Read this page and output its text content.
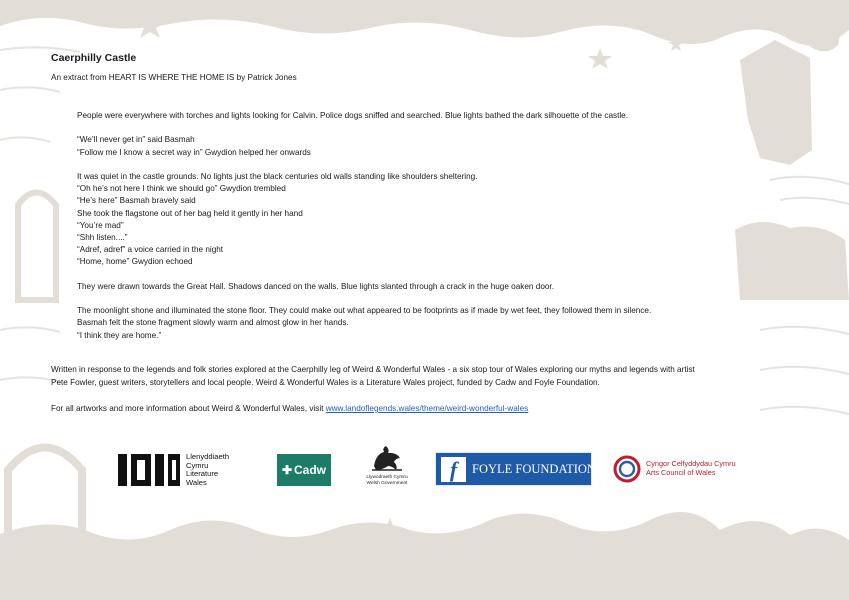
Caerphilly Castle

An extract from HEART IS WHERE THE HOME IS by Patrick Jones

People were everywhere with torches and lights looking for Calvin. Police dogs sniffed and searched. Blue lights bathed the dark silhouette of the castle.

“We’ll never get in” said Basmah
“Follow me I know a secret way in” Gwydion helped her onwards

It was quiet in the castle grounds. No lights just the black centuries old walls standing like shoulders sheltering.
“Oh he’s not here I think we should go” Gwydion trembled
“He’s here” Basmah bravely said
She took the flagstone out of her bag held it gently in her hand
“You’re mad”
“Shh listen....”
“Adref, adref” a voice carried in the night
“Home, home” Gwydion echoed

They were drawn towards the Great Hall. Shadows danced on the walls. Blue lights slanted through a crack in the huge oaken door.

The moonlight shone and illuminated the stone floor. They could make out what appeared to be footprints as if made by wet feet, they followed them in silence.
Basmah felt the stone fragment slowly warm and almost glow in her hands.
“I think they are home.”

Written in response to the legends and folk stories explored at the Caerphilly leg of Weird & Wonderful Wales - a six stop tour of Wales exploring our myths and legends with artist Pete Fowler, guest writers, storytellers and local people. Weird & Wonderful Wales is a Literature Wales project, funded by Cadw and Foyle Foundation.

For all artworks and more information about Weird & Wonderful Wales, visit www.landoflegends.wales/theme/weird-wonderful-wales

Llenyddiaeth
Cymru
Literature
Wales
✚ Cadw
Llywodraeth Cymru
Welsh Government
f	FOYLE FOUNDATION	Cyngor Celfyddydau Cymru
Arts Council of Wales
